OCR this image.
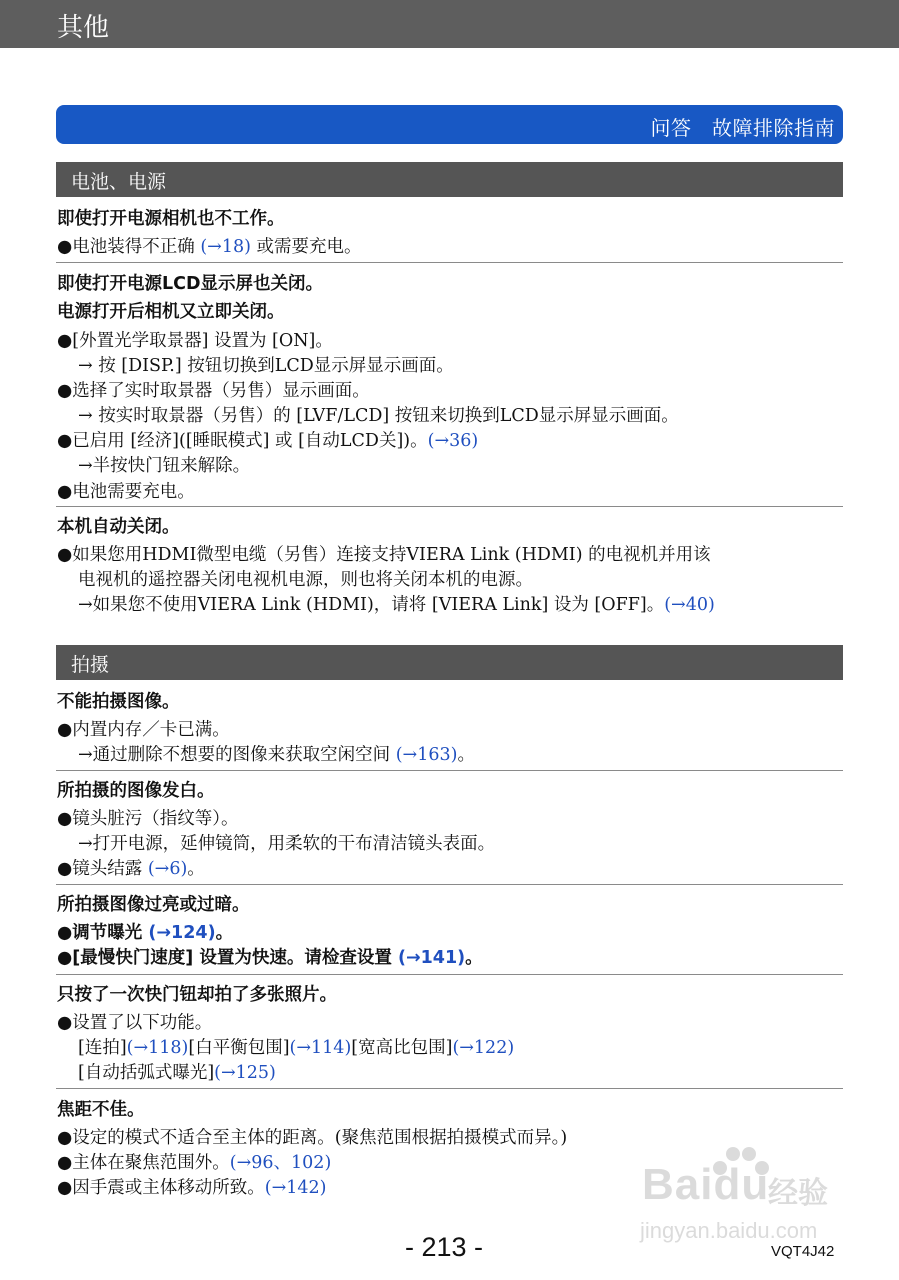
其他
问答　故障排除指南
电池、电源
即使打开电源相机也不工作。
●电池装得不正确 (→18) 或需要充电。
即使打开电源LCD显示屏也关闭。
电源打开后相机又立即关闭。
●[外置光学取景器] 设置为 [ON]。
→ 按 [DISP.] 按钮切换到LCD显示屏显示画面。
●选择了实时取景器（另售）显示画面。
→ 按实时取景器（另售）的 [LVF/LCD] 按钮来切换到LCD显示屏显示画面。
●已启用 [经济]([睡眠模式] 或 [自动LCD关])。(→36)
→半按快门钮来解除。
●电池需要充电。
本机自动关闭。
●如果您用HDMI微型电缆（另售）连接支持VIERA Link (HDMI) 的电视机并用该
电视机的遥控器关闭电视机电源，则也将关闭本机的电源。
→如果您不使用VIERA Link (HDMI)，请将 [VIERA Link] 设为 [OFF]。(→40)
拍摄
不能拍摄图像。
●内置内存／卡已满。
→通过删除不想要的图像来获取空闲空间 (→163)。
所拍摄的图像发白。
●镜头脏污（指纹等）。
→打开电源，延伸镜筒，用柔软的干布清洁镜头表面。
●镜头结露 (→6)。
所拍摄图像过亮或过暗。
●调节曝光 (→124)。
●[最慢快门速度] 设置为快速。请检查设置 (→141)。
只按了一次快门钮却拍了多张照片。
●设置了以下功能。
[连拍](→118)[白平衡包围](→114)[宽高比包围](→122)
[自动括弧式曝光](→125)
焦距不佳。
●设定的模式不适合至主体的距离。(聚焦范围根据拍摄模式而异。)
●主体在聚焦范围外。(→96、102)
●因手震或主体移动所致。(→142)	Baidu
经验
jingyan.baidu.com
- 213 -	VQT4J42
